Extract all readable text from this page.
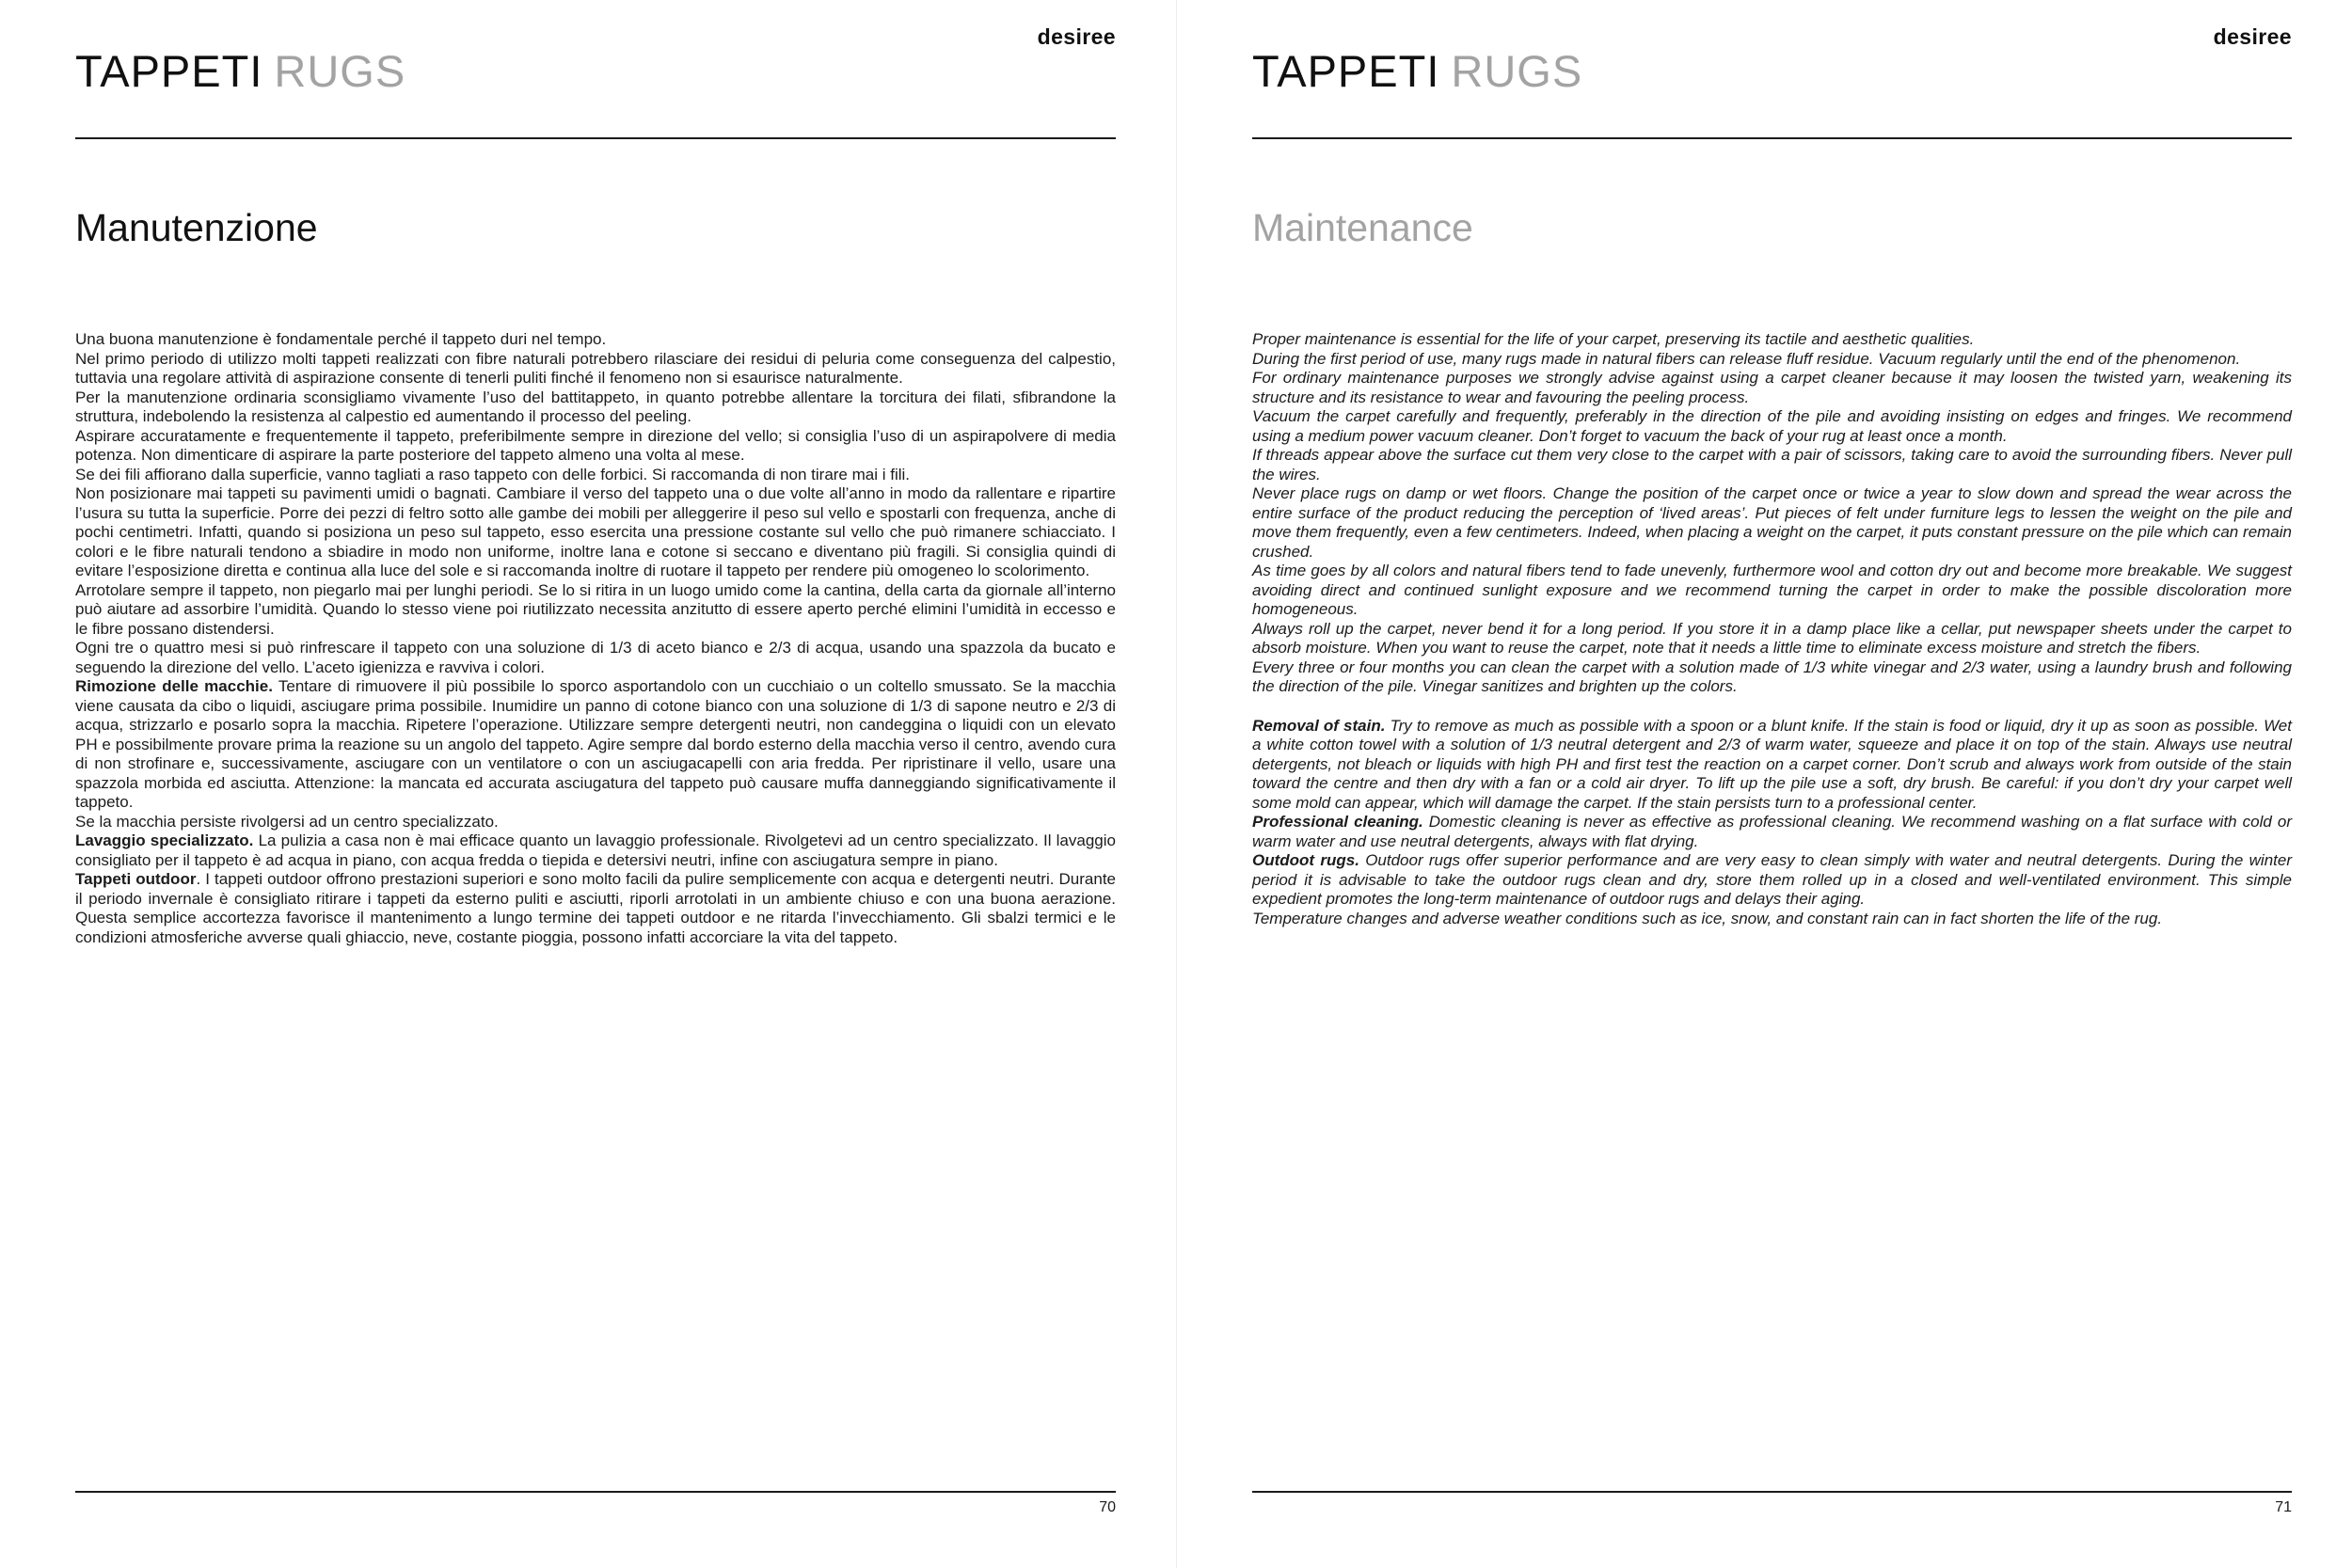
desiree
TAPPETI RUGS
Manutenzione

Una buona manutenzione è fondamentale perché il tappeto duri nel tempo.

Nel primo periodo di utilizzo molti tappeti realizzati con fibre naturali potrebbero rilasciare dei residui di peluria come conseguenza del calpestio, tuttavia una regolare attività di aspirazione consente di tenerli puliti finché il fenomeno non si esaurisce naturalmente.

Per la manutenzione ordinaria sconsigliamo vivamente l’uso del battitappeto, in quanto potrebbe allentare la torcitura dei filati, sfibrandone la struttura, indebolendo la resistenza al calpestio ed aumentando il processo del peeling.

Aspirare accuratamente e frequentemente il tappeto, preferibilmente sempre in direzione del vello; si consiglia l’uso di un aspirapolvere di media potenza. Non dimenticare di aspirare la parte posteriore del tappeto almeno una volta al mese.

Se dei fili affiorano dalla superficie, vanno tagliati a raso tappeto con delle forbici. Si raccomanda di non tirare mai i fili.

Non posizionare mai tappeti su pavimenti umidi o bagnati. Cambiare il verso del tappeto una o due volte all’anno in modo da rallentare e ripartire l’usura su tutta la superficie. Porre dei pezzi di feltro sotto alle gambe dei mobili per alleggerire il peso sul vello e spostarli con frequenza, anche di pochi centimetri. Infatti, quando si posiziona un peso sul tappeto, esso esercita una pressione costante sul vello che può rimanere schiacciato. I colori e le fibre naturali tendono a sbiadire in modo non uniforme, inoltre lana e cotone si seccano e diventano più fragili. Si consiglia quindi di evitare l’esposizione diretta e continua alla luce del sole e si raccomanda inoltre di ruotare il tappeto per rendere più omogeneo lo scolorimento.

Arrotolare sempre il tappeto, non piegarlo mai per lunghi periodi. Se lo si ritira in un luogo umido come la cantina, della carta da giornale all’interno può aiutare ad assorbire l’umidità. Quando lo stesso viene poi riutilizzato necessita anzitutto di essere aperto perché elimini l’umidità in eccesso e le fibre possano distendersi.

Ogni tre o quattro mesi si può rinfrescare il tappeto con una soluzione di 1/3 di aceto bianco e 2/3 di acqua, usando una spazzola da bucato e seguendo la direzione del vello. L’aceto igienizza e ravviva i colori.

Rimozione delle macchie. Tentare di rimuovere il più possibile lo sporco asportandolo con un cucchiaio o un coltello smussato. Se la macchia viene causata da cibo o liquidi, asciugare prima possibile. Inumidire un panno di cotone bianco con una soluzione di 1/3 di sapone neutro e 2/3 di acqua, strizzarlo e posarlo sopra la macchia. Ripetere l’operazione. Utilizzare sempre detergenti neutri, non candeggina o liquidi con un elevato PH e possibilmente provare prima la reazione su un angolo del tappeto. Agire sempre dal bordo esterno della macchia verso il centro, avendo cura di non strofinare e, successivamente, asciugare con un ventilatore o con un asciugacapelli con aria fredda. Per ripristinare il vello, usare una spazzola morbida ed asciutta. Attenzione: la mancata ed accurata asciugatura del tappeto può causare muffa danneggiando significativamente il tappeto.

Se la macchia persiste rivolgersi ad un centro specializzato.

Lavaggio specializzato. La pulizia a casa non è mai efficace quanto un lavaggio professionale. Rivolgetevi ad un centro specializzato. Il lavaggio consigliato per il tappeto è ad acqua in piano, con acqua fredda o tiepida e detersivi neutri, infine con asciugatura sempre in piano.

Tappeti outdoor. I tappeti outdoor offrono prestazioni superiori e sono molto facili da pulire semplicemente con acqua e detergenti neutri. Durante il periodo invernale è consigliato ritirare i tappeti da esterno puliti e asciutti, riporli arrotolati in un ambiente chiuso e con una buona aerazione. Questa semplice accortezza favorisce il mantenimento a lungo termine dei tappeti outdoor e ne ritarda l’invecchiamento. Gli sbalzi termici e le condizioni atmosferiche avverse quali ghiaccio, neve, costante pioggia, possono infatti accorciare la vita del tappeto.

70
desiree
TAPPETI RUGS
Maintenance

Proper maintenance is essential for the life of your carpet, preserving its tactile and aesthetic qualities.

During the first period of use, many rugs made in natural fibers can release fluff residue. Vacuum regularly until the end of the phenomenon.

For ordinary maintenance purposes we strongly advise against using a carpet cleaner because it may loosen the twisted yarn, weakening its structure and its resistance to wear and favouring the peeling process.

Vacuum the carpet carefully and frequently, preferably in the direction of the pile and avoiding insisting on edges and fringes. We recommend using a medium power vacuum cleaner. Don’t forget to vacuum the back of your rug at least once a month.

If threads appear above the surface cut them very close to the carpet with a pair of scissors, taking care to avoid the surrounding fibers. Never pull the wires.

Never place rugs on damp or wet floors. Change the position of the carpet once or twice a year to slow down and spread the wear across the entire surface of the product reducing the perception of ‘lived areas’. Put pieces of felt under furniture legs to lessen the weight on the pile and move them frequently, even a few centimeters. Indeed, when placing a weight on the carpet, it puts constant pressure on the pile which can remain crushed.

As time goes by all colors and natural fibers tend to fade unevenly, furthermore wool and cotton dry out and become more breakable. We suggest avoiding direct and continued sunlight exposure and we recommend turning the carpet in order to make the possible discoloration more homogeneous.

Always roll up the carpet, never bend it for a long period. If you store it in a damp place like a cellar, put newspaper sheets under the carpet to absorb moisture. When you want to reuse the carpet, note that it needs a little time to eliminate excess moisture and stretch the fibers.

Every three or four months you can clean the carpet with a solution made of 1/3 white vinegar and 2/3 water, using a laundry brush and following the direction of the pile. Vinegar sanitizes and brighten up the colors.

Removal of stain. Try to remove as much as possible with a spoon or a blunt knife. If the stain is food or liquid, dry it up as soon as possible. Wet a white cotton towel with a solution of 1/3 neutral detergent and 2/3 of warm water, squeeze and place it on top of the stain. Always use neutral detergents, not bleach or liquids with high PH and first test the reaction on a carpet corner. Don’t scrub and always work from outside of the stain toward the centre and then dry with a fan or a cold air dryer. To lift up the pile use a soft, dry brush. Be careful: if you don’t dry your carpet well some mold can appear, which will damage the carpet. If the stain persists turn to a professional center.

Professional cleaning. Domestic cleaning is never as effective as professional cleaning. We recommend washing on a flat surface with cold or warm water and use neutral detergents, always with flat drying.

Outdoot rugs. Outdoor rugs offer superior performance and are very easy to clean simply with water and neutral detergents. During the winter period it is advisable to take the outdoor rugs clean and dry, store them rolled up in a closed and well-ventilated environment. This simple expedient promotes the long-term maintenance of outdoor rugs and delays their aging.

Temperature changes and adverse weather conditions such as ice, snow, and constant rain can in fact shorten the life of the rug.

71
